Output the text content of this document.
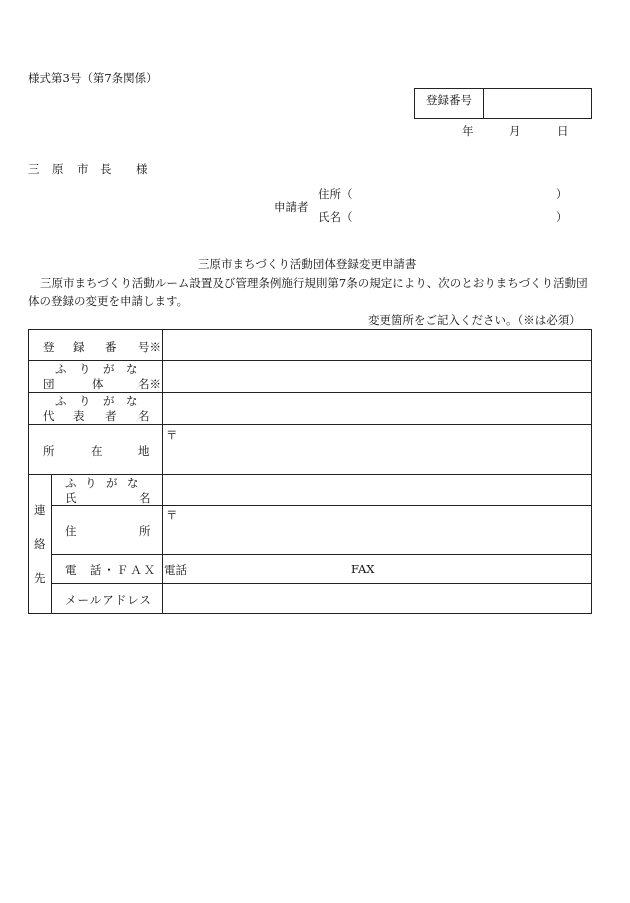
様式第3号（第7条関係）
登録番号
年	月	日
三 原 市 長 様
申請者
住所（	）
氏名（	）
三原市まちづくり活動団体登録変更申請書
三原市まちづくり活動ルーム設置及び管理条例施行規則第7条の規定により、次のとおりまちづくり活動団
体の登録の変更を申請します。
変更箇所をご記入ください。（※は必須）
登 録 番 号※
ふ り が な
団	体	名※
ふ り が な
代 表 者 名
所	在	地
〒
連
絡
先
ふ り が な
氏	名
住	所
〒
電 話・ＦＡＸ 電話	FAX
メールアドレス
